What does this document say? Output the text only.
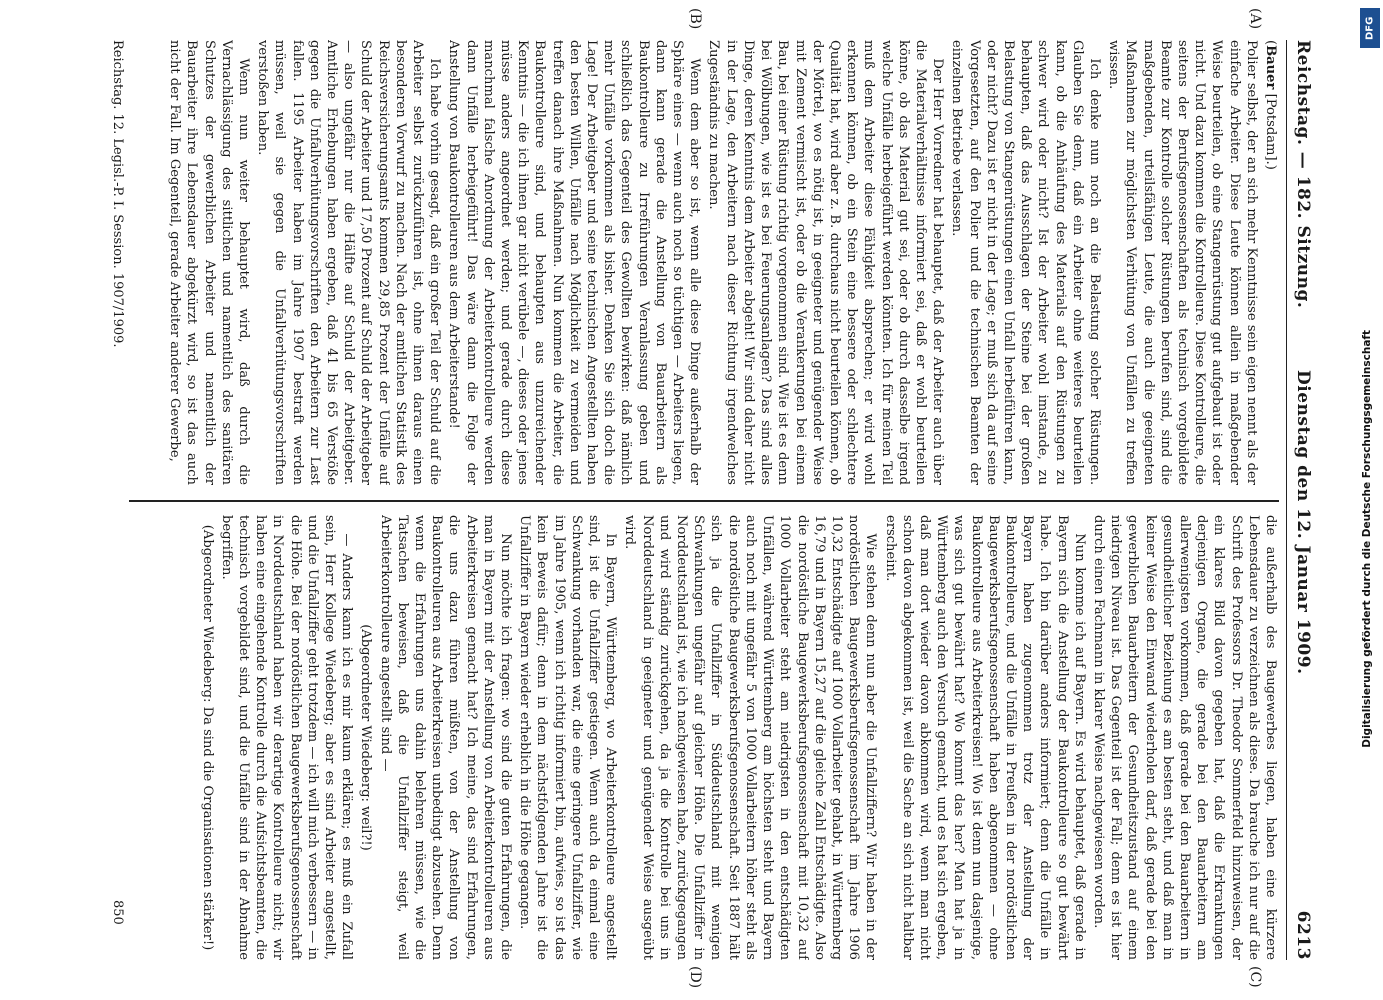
Reichstag. — 182. Sitzung.
Dienstag den 12. Januar 1909.
6213
(A)
(B)
(C)
(D)

(Bauer [Potsdam].)

Polier selbst, der an sich mehr Kenntnisse sein eigen nennt als der einfache Arbeiter. Diese Leute können allein in maßgebender Weise beurteilen, ob eine Stangenrüstung gut aufgebaut ist oder nicht. Und dazu kommen die Kontrolleure. Diese Kontrolleure, die seitens der Berufsgenossenschaften als technisch vorgebildete Beamte zur Kontrolle solcher Rüstungen berufen sind, sind die maßgebenden, urteilsfähigen Leute, die auch die geeigneten Maßnahmen zur möglichsten Verhütung von Unfällen zu treffen wissen.

Ich denke nun noch an die Belastung solcher Rüstungen. Glauben Sie denn, daß ein Arbeiter ohne weiteres beurteilen kann, ob die Anhäufung des Materials auf den Rüstungen zu schwer wird oder nicht? Ist der Arbeiter wohl imstande, zu behaupten, daß das Ausschlagen der Steine bei der großen Belastung von Stangenrüstungen einen Unfall herbeiführen kann, oder nicht? Dazu ist er nicht in der Lage; er muß sich da auf seine Vorgesetzten, auf den Polier und die technischen Beamten der einzelnen Betriebe verlassen.

Der Herr Vorredner hat behauptet, daß der Arbeiter auch über die Materialverhältnisse informiert sei, daß er wohl beurteilen könne, ob das Material gut sei, oder ob durch dasselbe irgend welche Unfälle herbeigeführt werden könnten. Ich für meinen Teil muß dem Arbeiter diese Fähigkeit absprechen; er wird wohl erkennen können, ob ein Stein eine bessere oder schlechtere Qualität hat, wird aber z. B. durchaus nicht beurteilen können, ob der Mörtel, wo es nötig ist, in geeigneter und genügender Weise mit Zement vermischt ist, oder ob die Verankerungen bei einem Bau, bei einer Rüstung richtig vorgenommen sind. Wie ist es denn bei Wölbungen, wie ist es bei Feuerungsanlagen? Das sind alles Dinge, deren Kenntnis dem Arbeiter abgeht! Wir sind daher nicht in der Lage, den Arbeitern nach dieser Richtung irgendwelches Zugeständnis zu machen.

Wenn dem aber so ist, wenn alle diese Dinge außerhalb der Sphäre eines — wenn auch noch so tüchtigen — Arbeiters liegen, dann kann gerade die Anstellung von Bauarbeitern als Baukontrolleure zu Irreführungen Veranlassung geben und schließlich das Gegenteil des Gewollten bewirken: daß nämlich mehr Unfälle vorkommen als bisher. Denken Sie sich doch die Lage! Der Arbeitgeber und seine technischen Angestellten haben den besten Willen, Unfälle nach Möglichkeit zu vermeiden und treffen danach ihre Maßnahmen. Nun kommen die Arbeiter, die Baukontrolleure sind, und behaupten aus unzureichender Kenntnis — die ich ihnen gar nicht verübele —, dieses oder jenes müsse anders angeordnet werden; und gerade durch diese manchmal falsche Anordnung der Arbeiterkontrolleure werden dann Unfälle herbeigeführt! Das wäre dann die Folge der Anstellung von Baukontrolleuren aus dem Arbeiterstande!

Ich habe vorhin gesagt, daß ein großer Teil der Schuld auf die Arbeiter selbst zurückzuführen ist, ohne ihnen daraus einen besonderen Vorwurf zu machen. Nach der amtlichen Statistik des Reichsversicherungsamts kommen 29,85 Prozent der Unfälle auf Schuld der Arbeiter und 17,50 Prozent auf Schuld der Arbeitgeber — also ungefähr nur die Hälfte auf Schuld der Arbeitgeber. Amtliche Erhebungen haben ergeben, daß 41 bis 65 Verstöße gegen die Unfallverhütungsvorschriften den Arbeitern zur Last fallen. 1195 Arbeiter haben im Jahre 1907 bestraft werden müssen, weil sie gegen die Unfallverhütungsvorschriften verstoßen haben.

Wenn nun weiter behauptet wird, daß durch die Vernachlässigung des sittlichen und namentlich des sanitären Schutzes der gewerblichen Arbeiter und namentlich der Bauarbeiter ihre Lebensdauer abgekürzt wird, so ist das auch nicht der Fall. Im Gegenteil, gerade Arbeiter anderer Gewerbe,

die außerhalb des Baugewerbes liegen, haben eine kürzere Lebensdauer zu verzeichnen als diese. Da brauche ich nur auf die Schrift des Professors Dr. Theodor Sommerfeld hinzuweisen, der ein klares Bild davon gegeben hat, daß die Erkrankungen derjenigen Organe, die gerade bei den Bauarbeitern am allerwenigsten vorkommen, daß gerade bei den Bauarbeitern in gesundheitlicher Beziehung es am besten steht, und daß man in keiner Weise den Einwand wiederholen darf, daß gerade bei den gewerblichen Bauarbeitern der Gesundheitszustand auf einem niedrigen Niveau ist. Das Gegenteil ist der Fall; denn es ist hier durch einen Fachmann in klarer Weise nachgewiesen worden.

Nun komme ich auf Bayern. Es wird behauptet, daß gerade in Bayern sich die Anstellung der Baukontrolleure so gut bewährt habe. Ich bin darüber anders informiert; denn die Unfälle in Bayern haben zugenommen trotz der Anstellung der Baukontrolleure, und die Unfälle in Preußen in der nordöstlichen Baugewerksberufsgenossenschaft haben abgenommen — ohne Baukontrolleure aus Arbeiterkreisen! Wo ist denn nun dasjenige, was sich gut bewährt hat? Wo kommt das her? Man hat ja in Württemberg auch den Versuch gemacht, und es hat sich ergeben, daß man dort wieder davon abkommen wird, wenn man nicht schon davon abgekommen ist, weil die Sache an sich nicht haltbar erscheint.

Wie stehen denn nun aber die Unfallziffern? Wir haben in der nordöstlichen Baugewerksberufsgenossenschaft im Jahre 1906 10,32 Entschädigte auf 1000 Vollarbeiter gehabt, in Württemberg 16,79 und in Bayern 15,27 auf die gleiche Zahl Entschädigte. Also die nordöstliche Baugewerksberufsgenossenschaft mit 10,32 auf 1000 Vollarbeiter steht am niedrigsten in den entschädigten Unfällen, während Württemberg am höchsten steht und Bayern auch noch mit ungefähr 5 von 1000 Vollarbeitern höher steht als die nordöstliche Baugewerksberufsgenossenschaft. Seit 1887 hält sich ja die Unfallziffer in Süddeutschland mit wenigen Schwankungen ungefähr auf gleicher Höhe. Die Unfallziffer in Norddeutschland ist, wie ich nachgewiesen habe, zurückgegangen und wird ständig zurückgehen, da ja die Kontrolle bei uns in Norddeutschland in geeigneter und genügender Weise ausgeübt wird.

In Bayern, Württemberg, wo Arbeiterkontrolleure angestellt sind, ist die Unfallziffer gestiegen. Wenn auch da einmal eine Schwankung vorhanden war, die eine geringere Unfallziffer, wie im Jahre 1905, wenn ich richtig informiert bin, aufwies, so ist das kein Beweis dafür; denn in dem nächstfolgenden Jahre ist die Unfallziffer in Bayern wieder erheblich in die Höhe gegangen.

Nun möchte ich fragen: wo sind die guten Erfahrungen, die man in Bayern mit der Anstellung von Arbeiterkontrolleuren aus Arbeiterkreisen gemacht hat? Ich meine, das sind Erfahrungen, die uns dazu führen müßten, von der Anstellung von Baukontrolleuren aus Arbeiterkreisen unbedingt abzusehen. Denn wenn die Erfahrungen uns dahin belehren müssen, wie die Tatsachen beweisen, daß die Unfallziffer steigt, weil Arbeiterkontrolleure angestellt sind —

(Abgeordneter Wiedeberg: weil?!)

— Anders kann ich es mir kaum erklären; es muß ein Zufall sein, Herr Kollege Wiedeberg; aber es sind Arbeiter angestellt, und die Unfallziffer geht trotzdem — ich will mich verbessern — in die Höhe. Bei der nordöstlichen Baugewerksberufsgenossenschaft in Norddeutschland haben wir derartige Kontrolleure nicht; wir haben eine eingehende Kontrolle durch die Aufsichtsbeamten, die technisch vorgebildet sind, und die Unfälle sind in der Abnahme begriffen.

(Abgeordneter Wiedeberg: Da sind die Organisationen stärker!)

Reichstag. 12. Legisl.-P. I. Session. 1907/1909.
850
DFG
Digitalisierung gefördert durch die Deutsche Forschungsgemeinschaft
